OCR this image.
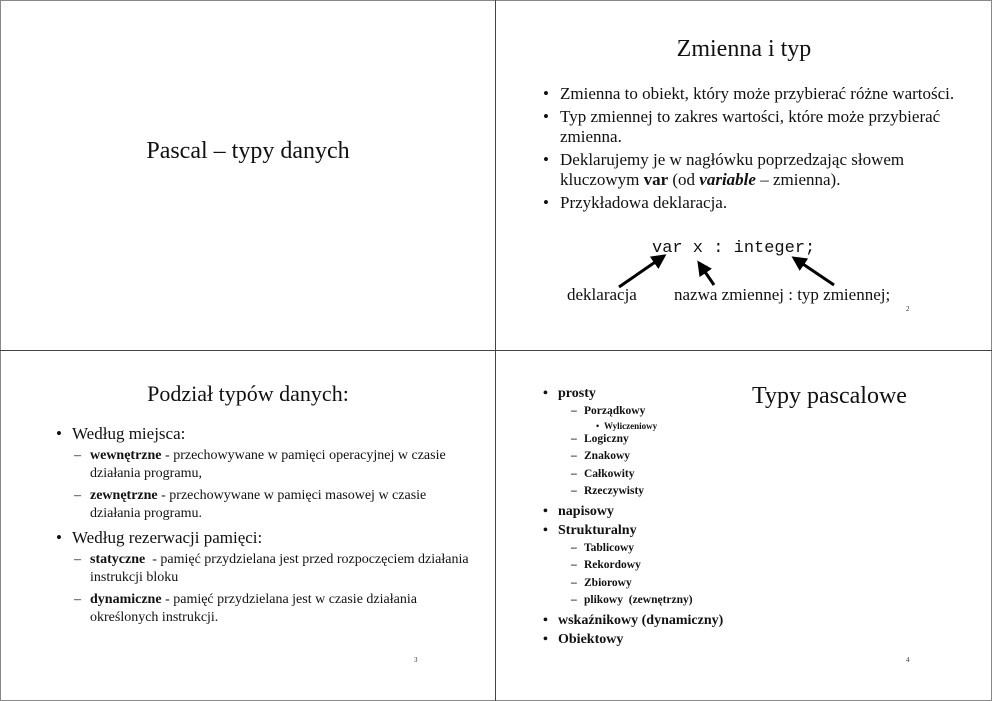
Pascal – typy danych
Zmienna i typ
• Zmienna to obiekt, który może przybierać różne wartości.
• Typ zmiennej to zakres wartości, które może przybierać zmienna.
• Deklarujemy je w nagłówku poprzedzając słowem kluczowym var (od variable – zmienna).
• Przykładowa deklaracja.
var x : integer;
deklaracja nazwa zmiennej : typ zmiennej;
2
Podział typów danych:
• Według miejsca:
– wewnętrzne - przechowywane w pamięci operacyjnej w czasie działania programu,
– zewnętrzne - przechowywane w pamięci masowej w czasie działania programu.
• Według rezerwacji pamięci:
– statyczne  - pamięć przydzielana jest przed rozpoczęciem działania instrukcji bloku
– dynamiczne - pamięć przydzielana jest w czasie działania określonych instrukcji.
3
Typy pascalowe
• prosty
– Porządkowy
• Wyliczeniowy
– Logiczny
– Znakowy
– Całkowity
– Rzeczywisty
• napisowy
• Strukturalny
– Tablicowy
– Rekordowy
– Zbiorowy
– plikowy  (zewnętrzny)
• wskaźnikowy (dynamiczny)
• Obiektowy
4
